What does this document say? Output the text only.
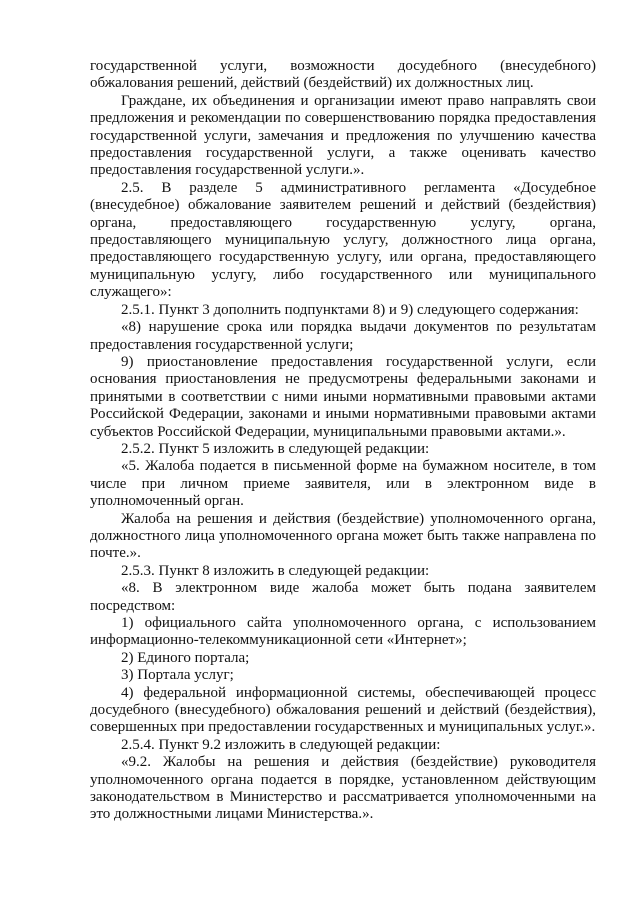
государственной услуги, возможности досудебного (внесудебного) обжалования решений, действий (бездействий) их должностных лиц.

Граждане, их объединения и организации имеют право направлять свои предложения и рекомендации по совершенствованию порядка предоставления государственной услуги, замечания и предложения по улучшению качества предоставления государственной услуги, а также оценивать качество предоставления государственной услуги.».

2.5. В разделе 5 административного регламента «Досудебное (внесудебное) обжалование заявителем решений и действий (бездействия) органа, предоставляющего государственную услугу, органа, предоставляющего муниципальную услугу, должностного лица органа, предоставляющего государственную услугу, или органа, предоставляющего муниципальную услугу, либо государственного или муниципального служащего»:

2.5.1. Пункт 3 дополнить подпунктами 8) и 9) следующего содержания:

«8) нарушение срока или порядка выдачи документов по результатам предоставления государственной услуги;

9) приостановление предоставления государственной услуги, если основания приостановления не предусмотрены федеральными законами и принятыми в соответствии с ними иными нормативными правовыми актами Российской Федерации, законами и иными нормативными правовыми актами субъектов Российской Федерации, муниципальными правовыми актами.».

2.5.2. Пункт 5 изложить в следующей редакции:

«5. Жалоба подается в письменной форме на бумажном носителе, в том числе при личном приеме заявителя, или в электронном виде в уполномоченный орган.

Жалоба на решения и действия (бездействие) уполномоченного органа, должностного лица уполномоченного органа может быть также направлена по почте.».

2.5.3. Пункт 8 изложить в следующей редакции:

«8. В электронном виде жалоба может быть подана заявителем посредством:

1) официального сайта уполномоченного органа, с использованием информационно-телекоммуникационной сети «Интернет»;

2) Единого портала;

3) Портала услуг;

4) федеральной информационной системы, обеспечивающей процесс досудебного (внесудебного) обжалования решений и действий (бездействия), совершенных при предоставлении государственных и муниципальных услуг.».

2.5.4. Пункт 9.2 изложить в следующей редакции:

«9.2. Жалобы на решения и действия (бездействие) руководителя уполномоченного органа подается в порядке, установленном действующим законодательством в Министерство и рассматривается уполномоченными на это должностными лицами Министерства.».
